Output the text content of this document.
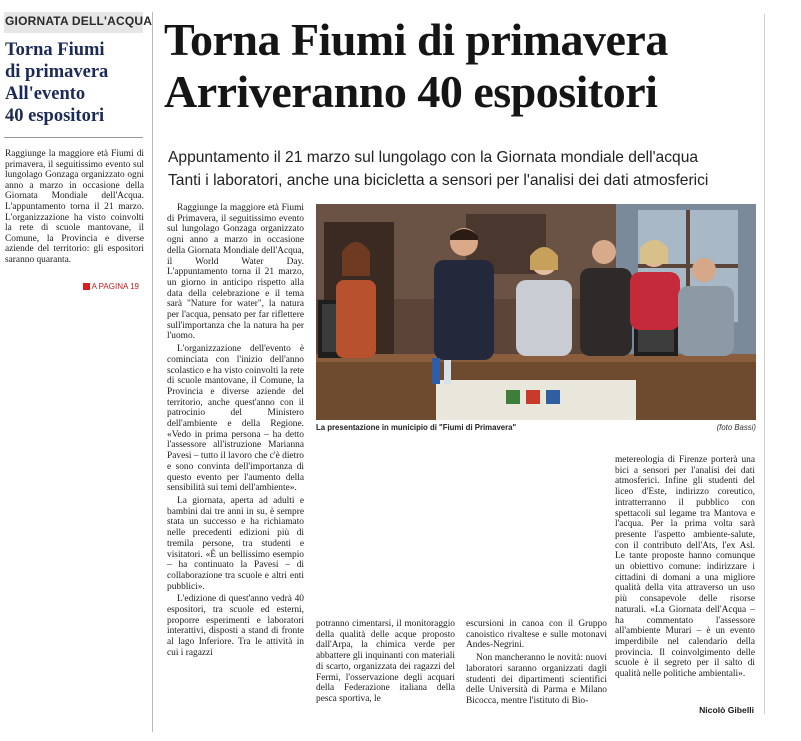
GIORNATA DELL'ACQUA
Torna Fiumi
di primavera
All'evento
40 espositori
Raggiunge la maggiore età Fiumi di primavera, il seguitissimo evento sul lungolago Gonzaga organizzato ogni anno a marzo in occasione della Giornata Mondiale dell'Acqua. L'appuntamento torna il 21 marzo. L'organizzazione ha visto coinvolti la rete di scuole mantovane, il Comune, la Provincia e diverse aziende del territorio: gli espositori saranno quaranta.
A PAGINA 19
Torna Fiumi di primavera
Arriveranno 40 espositori
Appuntamento il 21 marzo sul lungolago con la Giornata mondiale dell'acqua
Tanti i laboratori, anche una bicicletta a sensori per l'analisi dei dati atmosferici
La presentazione in municipio di "Fiumi di Primavera"	(foto Bassi)

Raggiunge la maggiore età Fiumi di Primavera, il seguitissimo evento sul lungolago Gonzaga organizzato ogni anno a marzo in occasione della Giornata Mondiale dell'Acqua, il World Water Day. L'appuntamento torna il 21 marzo, un giorno in anticipo rispetto alla data della celebrazione e il tema sarà "Nature for water", la natura per l'acqua, pensato per far riflettere sull'importanza che la natura ha per l'uomo.

L'organizzazione dell'evento è cominciata con l'inizio dell'anno scolastico e ha visto coinvolti la rete di scuole mantovane, il Comune, la Provincia e diverse aziende del territorio, anche quest'anno con il patrocinio del Ministero dell'ambiente e della Regione. «Vedo in prima persona – ha detto l'assessore all'istruzione Marianna Pavesi – tutto il lavoro che c'è dietro e sono convinta dell'importanza di questo evento per l'aumento della sensibilità sui temi dell'ambiente».

La giornata, aperta ad adulti e bambini dai tre anni in su, è sempre stata un successo e ha richiamato nelle precedenti edizioni più di tremila persone, tra studenti e visitatori. «È un bellissimo esempio – ha continuato la Pavesi – di collaborazione tra scuole e altri enti pubblici».

L'edizione di quest'anno vedrà 40 espositori, tra scuole ed esterni, proporre esperimenti e laboratori interattivi, disposti a stand di fronte al lago Inferiore. Tra le attività in cui i ragazzi

potranno cimentarsi, il monitoraggio della qualità delle acque proposto dall'Arpa, la chimica verde per abbattere gli inquinanti con materiali di scarto, organizzata dei ragazzi del Fermi, l'osservazione degli acquari della Federazione italiana della pesca sportiva, le

escursioni in canoa con il Gruppo canoistico rivaltese e sulle motonavi Andes-Negrini.

Non mancheranno le novità: nuovi laboratori saranno organizzati dagli studenti dei dipartimenti scientifici delle Università di Parma e Milano Bicocca, mentre l'istituto di Bio-

metereologia di Firenze porterà una bici a sensori per l'analisi dei dati atmosferici. Infine gli studenti del liceo d'Este, indirizzo coreutico, intratterranno il pubblico con spettacoli sul legame tra Mantova e l'acqua. Per la prima volta sarà presente l'aspetto ambiente-salute, con il contributo dell'Ats, l'ex Asl. Le tante proposte hanno comunque un obiettivo comune: indirizzare i cittadini di domani a una migliore qualità della vita attraverso un uso più consapevole delle risorse naturali. «La Giornata dell'Acqua – ha commentato l'assessore all'ambiente Murari – è un evento imperdibile nel calendario della provincia. Il coinvolgimento delle scuole è il segreto per il salto di qualità nelle politiche ambientali».

Nicolò Gibelli
